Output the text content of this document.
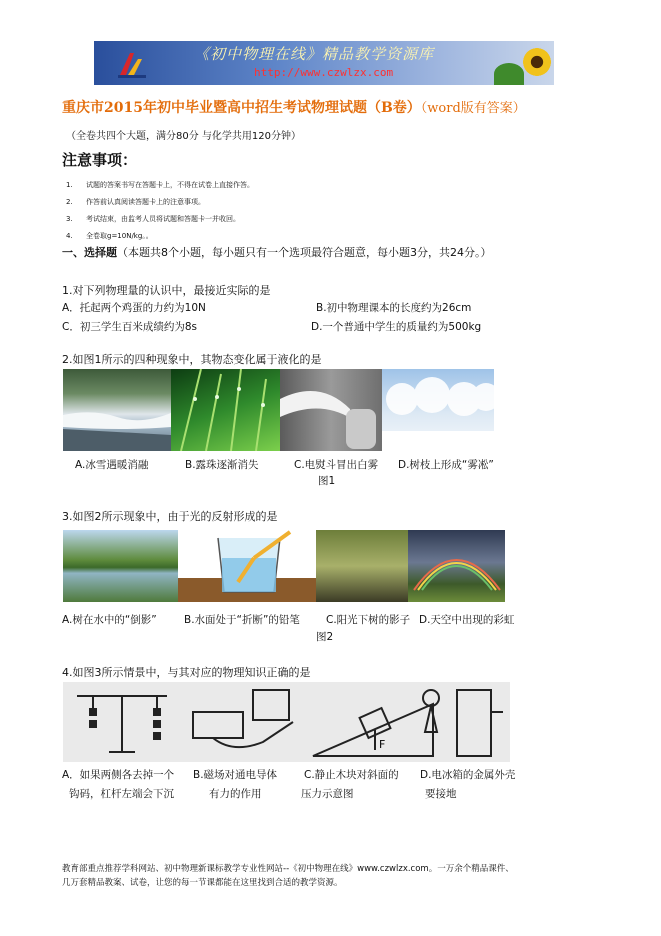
《初中物理在线》精品教学资源库
http://www.czwlzx.com
重庆市2015年初中毕业暨高中招生考试物理试题（B卷）（word版有答案）
（全卷共四个大题，满分80分 与化学共用120分钟）
注意事项：
1. 试题的答案书写在答题卡上，不得在试卷上直接作答。
2. 作答前认真阅读答题卡上的注意事项。
3. 考试结束，由监考人员将试题和答题卡一并收回。
4. 全卷取g=10N/kg。。
一、选择题（本题共8个小题，每小题只有一个选项最符合题意，每小题3分，共24分。）
1.对下列物理量的认识中，最接近实际的是
A．托起两个鸡蛋的力约为10N	B.初中物理课本的长度约为26cm
C．初三学生百米成绩约为8s	D.一个普通中学生的质量约为500kg
2.如图1所示的四种现象中，其物态变化属于液化的是
A.冰雪遇暖消融	B.露珠逐渐消失	C.电熨斗冒出白雾 D.树枝上形成“雾凇”
图1
3.如图2所示现象中，由于光的反射形成的是
A.树在水中的“倒影”	B.水面处于“折断”的铅笔 C.阳光下树的影子 D.天空中出现的彩虹
图2
4.如图3所示情景中，与其对应的物理知识正确的是
F
A．如果两侧各去掉一个
钩码，杠杆左端会下沉
B.磁场对通电导体
有力的作用
C.静止木块对斜面的
压力示意图
D.电冰箱的金属外壳
要接地
教育部重点推荐学科网站、初中物理新课标教学专业性网站--《初中物理在线》www.czwlzx.com。一万余个精品课件、
几万套精品教案、试卷，让您的每一节课都能在这里找到合适的教学资源。
